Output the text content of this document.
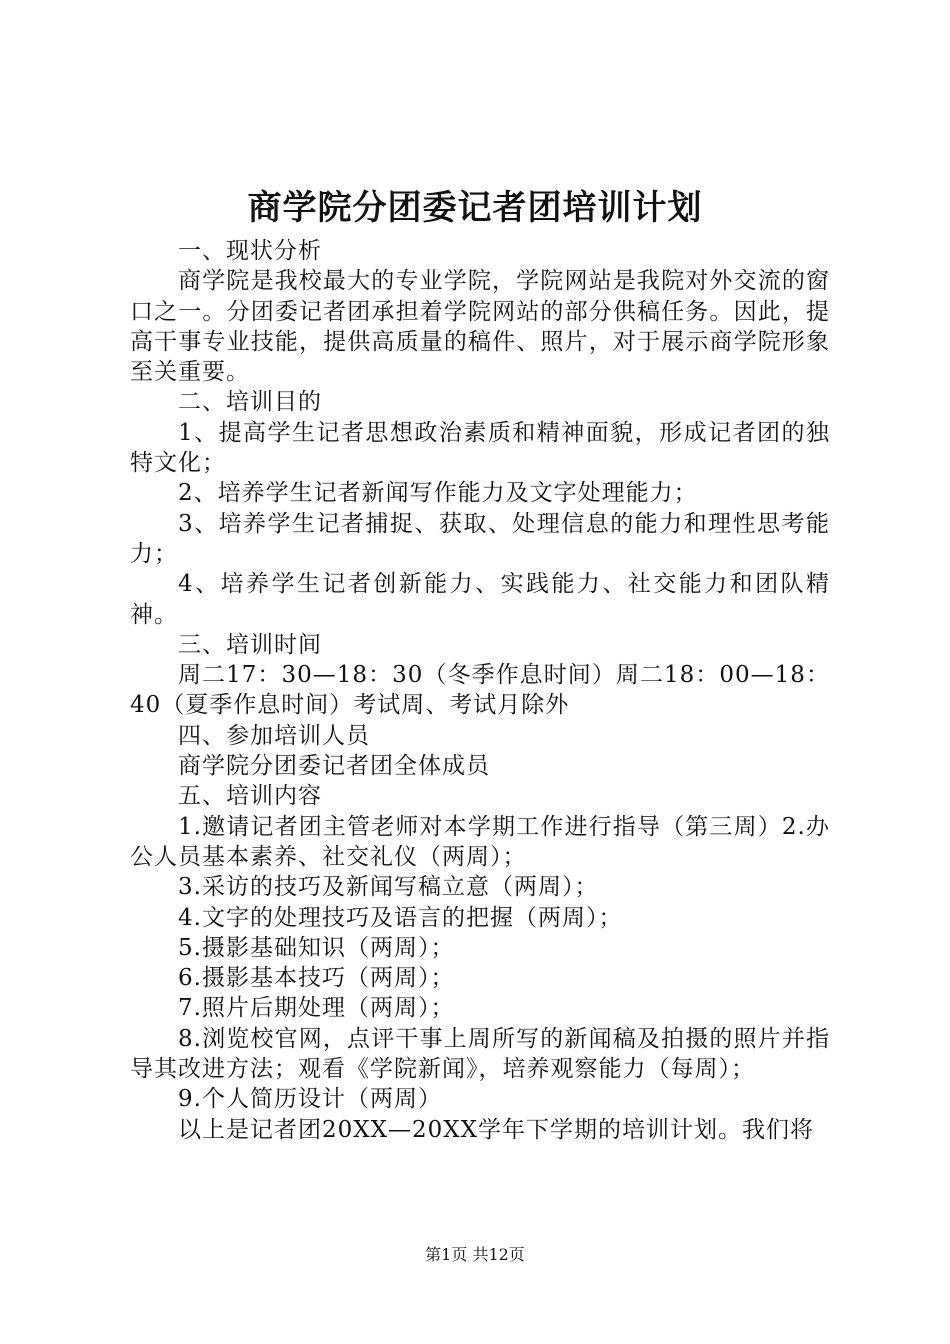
商学院分团委记者团培训计划

一、现状分析

商学院是我校最大的专业学院，学院网站是我院对外交流的窗口之一。分团委记者团承担着学院网站的部分供稿任务。因此，提高干事专业技能，提供高质量的稿件、照片，对于展示商学院形象至关重要。

二、培训目的

1、提高学生记者思想政治素质和精神面貌，形成记者团的独特文化；

2、培养学生记者新闻写作能力及文字处理能力；

3、培养学生记者捕捉、获取、处理信息的能力和理性思考能力；

4、培养学生记者创新能力、实践能力、社交能力和团队精神。

三、培训时间

周二17：30—18：30（冬季作息时间）周二18：00—18：40（夏季作息时间）考试周、考试月除外

四、参加培训人员

商学院分团委记者团全体成员

五、培训内容

1.邀请记者团主管老师对本学期工作进行指导（第三周）2.办公人员基本素养、社交礼仪（两周）；

3.采访的技巧及新闻写稿立意（两周）；

4.文字的处理技巧及语言的把握（两周）；

5.摄影基础知识（两周）；

6.摄影基本技巧（两周）；

7.照片后期处理（两周）；

8.浏览校官网，点评干事上周所写的新闻稿及拍摄的照片并指导其改进方法；观看《学院新闻》，培养观察能力（每周）；

9.个人简历设计（两周）

以上是记者团20XX—20XX学年下学期的培训计划。我们将

第1页 共12页
